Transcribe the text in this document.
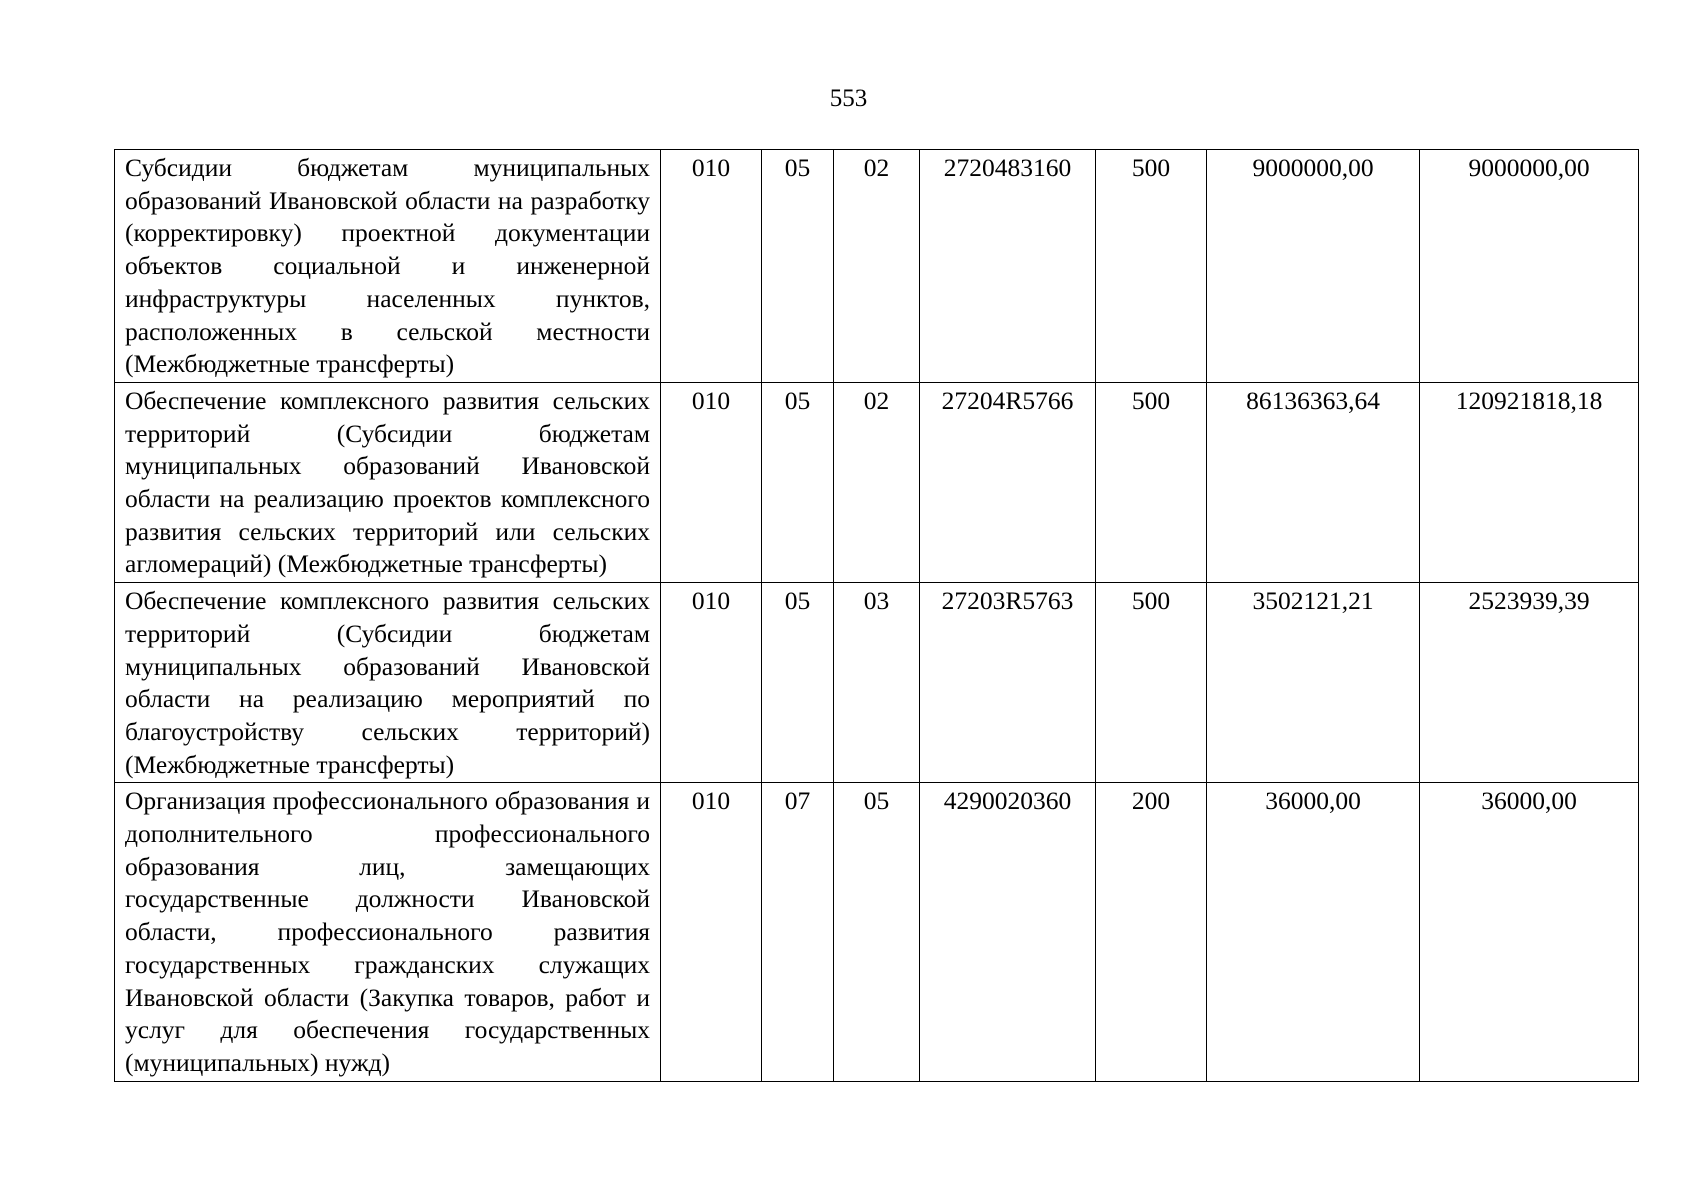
553
Субсидии бюджетам муниципальных образований Ивановской области на разработку (корректировку) проектной документации объектов социальной и инженерной инфраструктуры населенных пунктов, расположенных в сельской местности (Межбюджетные трансферты)	010	05	02	2720483160	500	9000000,00	9000000,00
Обеспечение комплексного развития сельских территорий (Субсидии бюджетам муниципальных образований Ивановской области на реализацию проектов комплексного развития сельских территорий или сельских агломераций) (Межбюджетные трансферты)	010	05	02	27204R5766	500	86136363,64	120921818,18
Обеспечение комплексного развития сельских территорий (Субсидии бюджетам муниципальных образований Ивановской области на реализацию мероприятий по благоустройству сельских территорий) (Межбюджетные трансферты)	010	05	03	27203R5763	500	3502121,21	2523939,39
Организация профессионального образования и дополнительного профессионального образования лиц, замещающих государственные должности Ивановской области, профессионального развития государственных гражданских служащих Ивановской области (Закупка товаров, работ и услуг для обеспечения государственных (муниципальных) нужд)	010	07	05	4290020360	200	36000,00	36000,00
